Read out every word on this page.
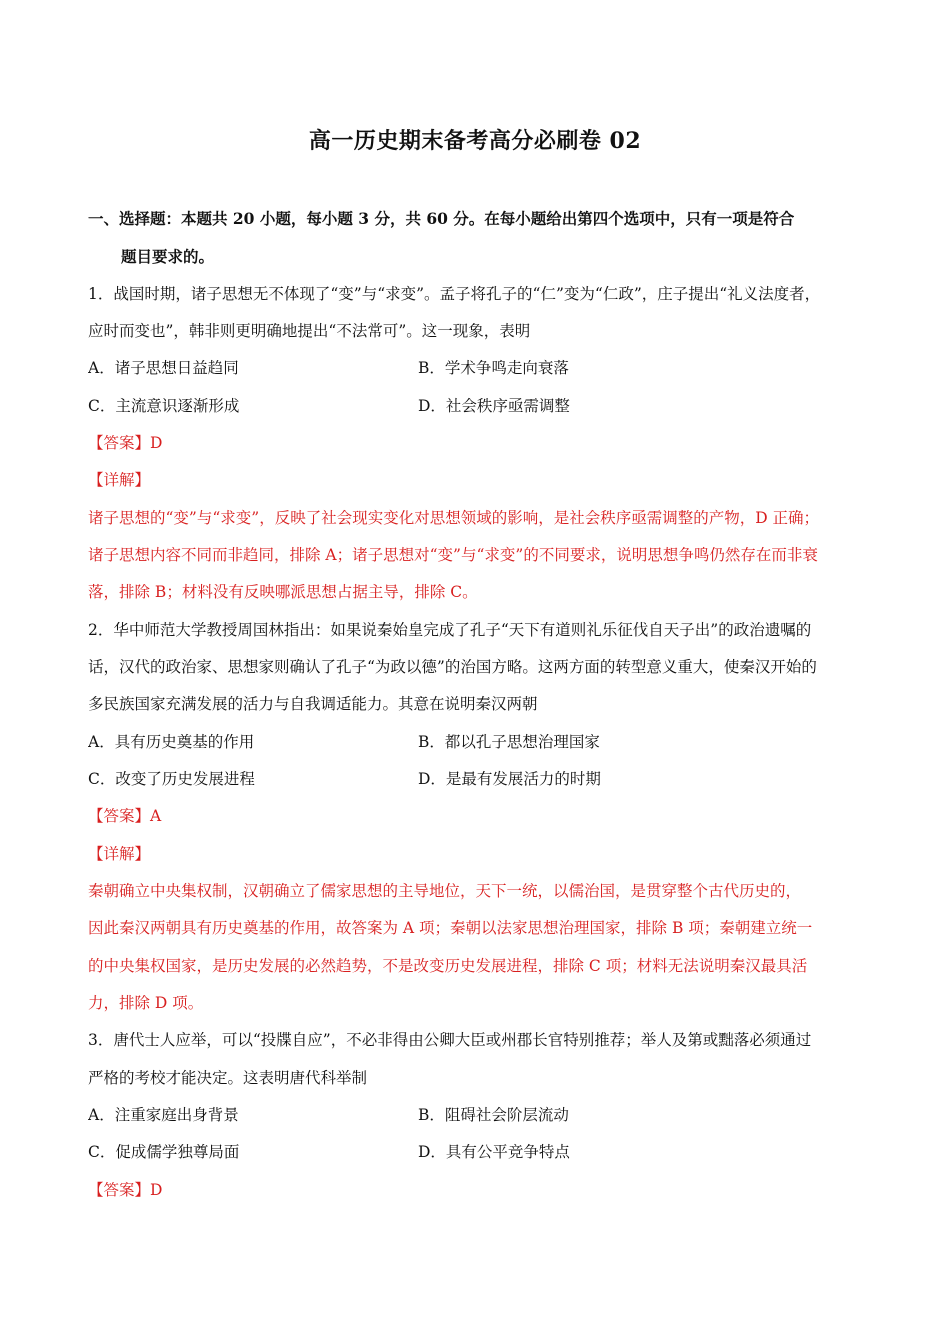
高一历史期末备考高分必刷卷 02
一、选择题：本题共 20 小题，每小题 3 分，共 60 分。在每小题给出第四个选项中，只有一项是符合
题目要求的。
1．战国时期，诸子思想无不体现了“变”与“求变”。孟子将孔子的“仁”变为“仁政”，庄子提出“礼义法度者，
应时而变也”，韩非则更明确地提出“不法常可”。这一现象，表明
A．诸子思想日益趋同	B．学术争鸣走向衰落
C．主流意识逐渐形成	D．社会秩序亟需调整
【答案】D
【详解】
诸子思想的“变”与“求变”，反映了社会现实变化对思想领域的影响，是社会秩序亟需调整的产物，D 正确；
诸子思想内容不同而非趋同，排除 A；诸子思想对“变”与“求变”的不同要求，说明思想争鸣仍然存在而非衰
落，排除 B；材料没有反映哪派思想占据主导，排除 C。
2．华中师范大学教授周国林指出：如果说秦始皇完成了孔子“天下有道则礼乐征伐自天子出”的政治遗嘱的
话，汉代的政治家、思想家则确认了孔子“为政以德”的治国方略。这两方面的转型意义重大，使秦汉开始的
多民族国家充满发展的活力与自我调适能力。其意在说明秦汉两朝
A．具有历史奠基的作用	B．都以孔子思想治理国家
C．改变了历史发展进程	D．是最有发展活力的时期
【答案】A
【详解】
秦朝确立中央集权制，汉朝确立了儒家思想的主导地位，天下一统，以儒治国，是贯穿整个古代历史的，
因此秦汉两朝具有历史奠基的作用，故答案为 A 项；秦朝以法家思想治理国家，排除 B 项；秦朝建立统一
的中央集权国家，是历史发展的必然趋势，不是改变历史发展进程，排除 C 项；材料无法说明秦汉最具活
力，排除 D 项。
3．唐代士人应举，可以“投牒自应”，不必非得由公卿大臣或州郡长官特别推荐；举人及第或黜落必须通过
严格的考校才能决定。这表明唐代科举制
A．注重家庭出身背景	B．阻碍社会阶层流动
C．促成儒学独尊局面	D．具有公平竞争特点
【答案】D
